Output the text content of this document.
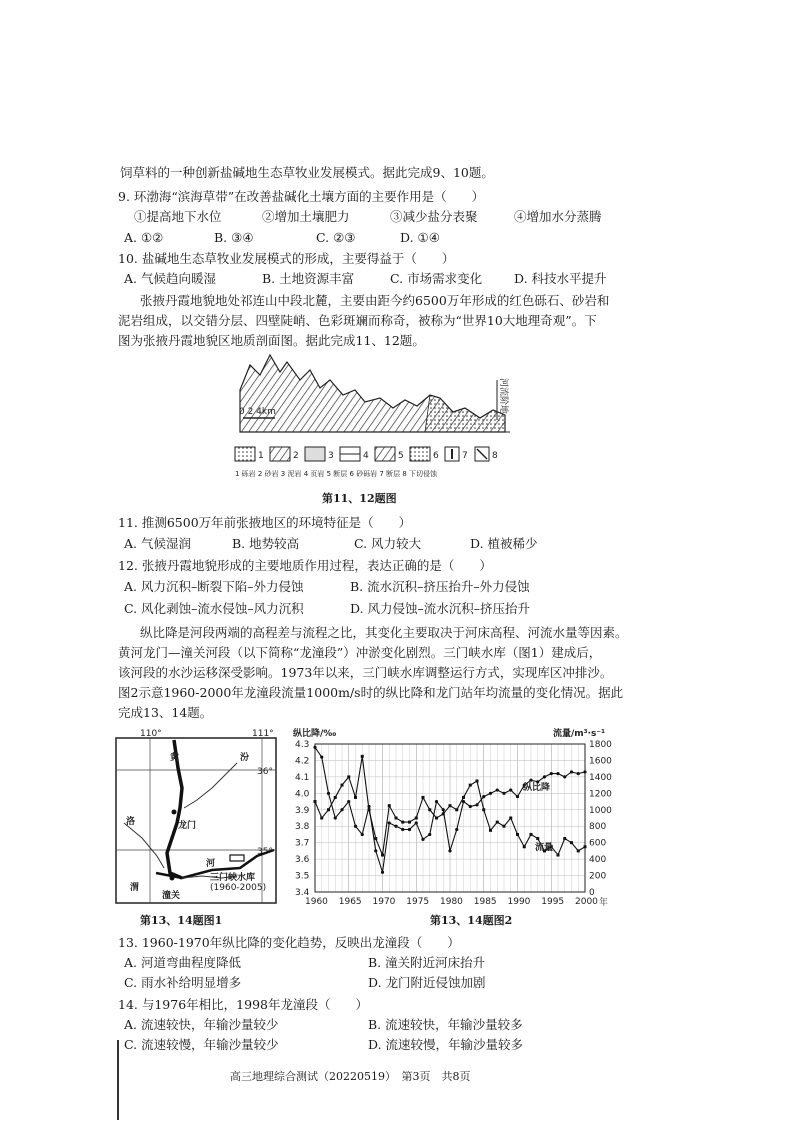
饲草料的一种创新盐碱地生态草牧业发展模式。据此完成9、10题。
9. 环渤海“滨海草带”在改善盐碱化土壤方面的主要作用是（　　）
①提高地下水位	②增加土壤肥力	③减少盐分表聚	④增加水分蒸腾
A. ①②	B. ③④	C. ②③	D. ①④
10. 盐碱地生态草牧业发展模式的形成，主要得益于（　　）
A. 气候趋向暖湿	B. 土地资源丰富	C. 市场需求变化	D. 科技水平提升
张掖丹霞地貌地处祁连山中段北麓，主要由距今约6500万年形成的红色砾石、砂岩和
泥岩组成，以交错分层、四壁陡峭、色彩斑斓而称奇，被称为“世界10大地理奇观”。下
图为张掖丹霞地貌区地质剖面图。据此完成11、12题。
0 2 4km	河流阶地
1	2	3	4	5	6	7	8
1 砾岩 2 砂岩 3 泥岩 4 页岩 5 断层 6 砂砾岩 7 断层 8 下切侵蚀
第11、12题图
11. 推测6500万年前张掖地区的环境特征是（　　）
A. 气候湿润	B. 地势较高	C. 风力较大	D. 植被稀少
12. 张掖丹霞地貌形成的主要地质作用过程，表达正确的是（　　）
A. 风力沉积–断裂下陷–外力侵蚀	B. 流水沉积–挤压抬升–外力侵蚀
C. 风化剥蚀–流水侵蚀–风力沉积	D. 风力侵蚀–流水沉积–挤压抬升
纵比降是河段两端的高程差与流程之比，其变化主要取决于河床高程、河流水量等因素。
黄河龙门—潼关河段（以下简称“龙潼段”）冲淤变化剧烈。三门峡水库（图1）建成后，
该河段的水沙运移深受影响。1973年以来，三门峡水库调整运行方式，实现库区冲排沙。
图2示意1960-2000年龙潼段流量1000m/s时的纵比降和龙门站年均流量的变化情况。据此
完成13、14题。
110°	111°
36°
35°
黄	汾
洛	龙门
河
渭
三门峡水库
(1960-2005)
潼关
第13、14题图1
纵比降/‰	流量/m³·s⁻¹
年
1960 1965 1970 1975 1980 1985 1990 1995 2000
3.4
3.5
3.6
3.7
3.8
3.9
4.0
4.1
4.2
4.3
0
200
400
600
800
1000
1200
1400
1600
1800
纵比降
流量
第13、14题图2
13. 1960-1970年纵比降的变化趋势，反映出龙潼段（　　）
A. 河道弯曲程度降低	B. 潼关附近河床抬升
C. 雨水补给明显增多	D. 龙门附近侵蚀加剧
14. 与1976年相比，1998年龙潼段（　　）
A. 流速较快，年输沙量较少	B. 流速较快，年输沙量较多
C. 流速较慢，年输沙量较少	D. 流速较慢，年输沙量较多
高三地理综合测试（20220519）　第3页　共8页
